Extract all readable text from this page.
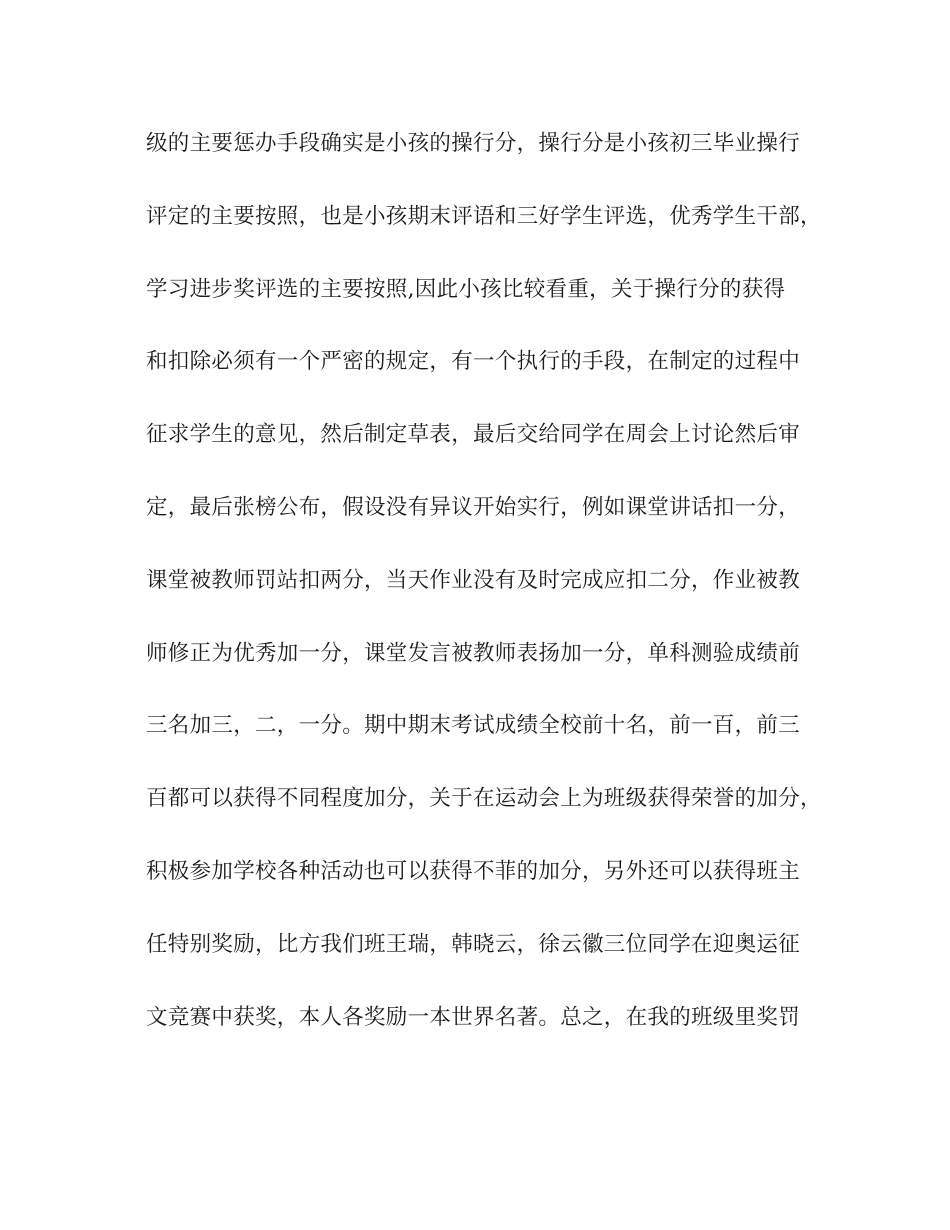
级的主要惩办手段确实是小孩的操行分，操行分是小孩初三毕业操行
评定的主要按照，也是小孩期末评语和三好学生评选，优秀学生干部，
学习进步奖评选的主要按照,因此小孩比较看重，关于操行分的获得
和扣除必须有一个严密的规定，有一个执行的手段，在制定的过程中
征求学生的意见，然后制定草表，最后交给同学在周会上讨论然后审
定，最后张榜公布，假设没有异议开始实行，例如课堂讲话扣一分，
课堂被教师罚站扣两分，当天作业没有及时完成应扣二分，作业被教
师修正为优秀加一分，课堂发言被教师表扬加一分，单科测验成绩前
三名加三，二，一分。期中期末考试成绩全校前十名，前一百，前三
百都可以获得不同程度加分，关于在运动会上为班级获得荣誉的加分，
积极参加学校各种活动也可以获得不菲的加分，另外还可以获得班主
任特别奖励，比方我们班王瑞，韩晓云，徐云徽三位同学在迎奥运征
文竞赛中获奖，本人各奖励一本世界名著。总之，在我的班级里奖罚
